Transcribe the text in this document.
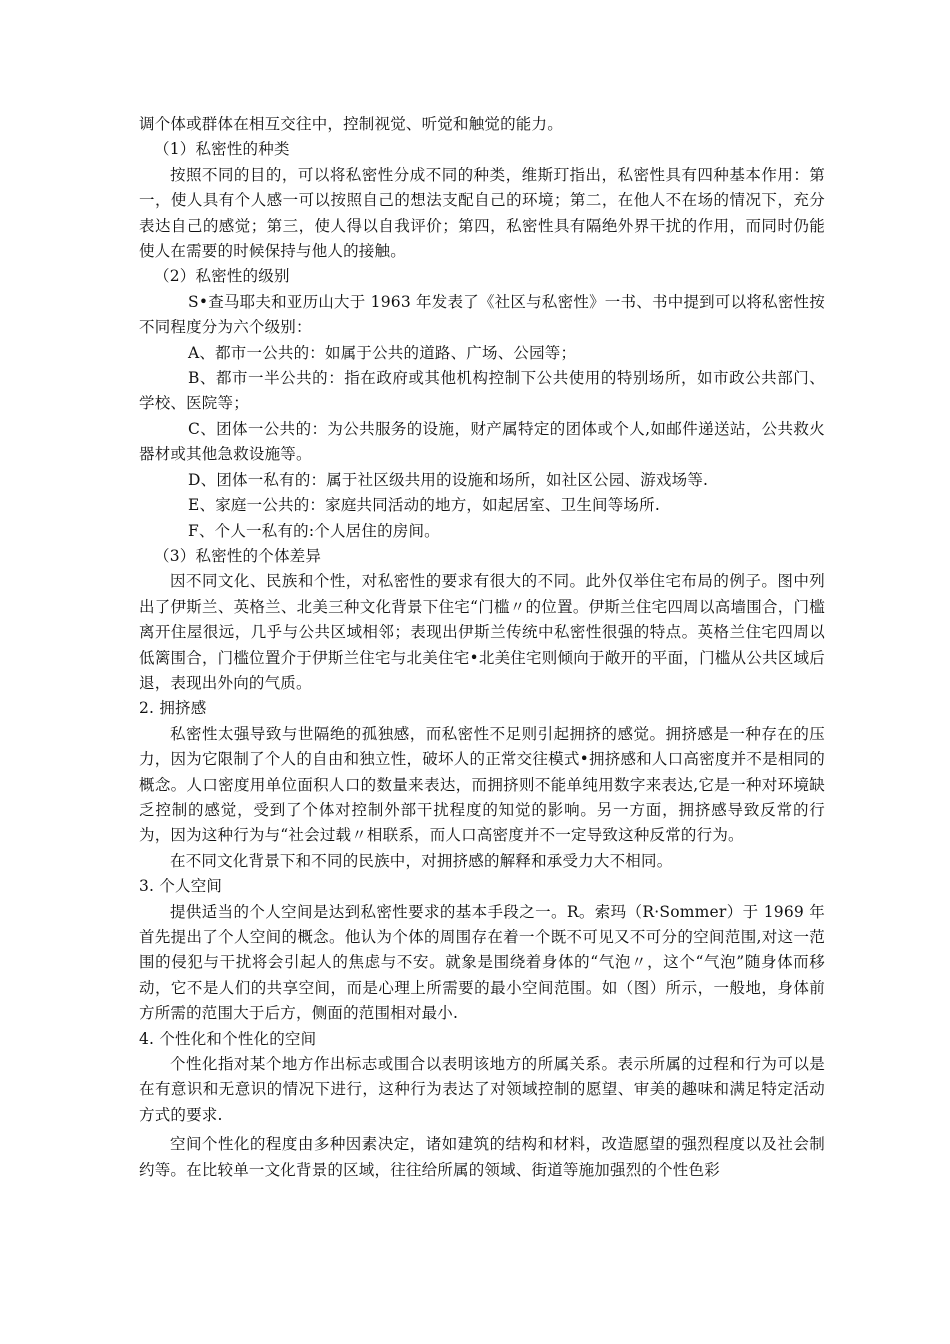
调个体或群体在相互交往中，控制视觉、听觉和触觉的能力。

（1）私密性的种类

按照不同的目的，可以将私密性分成不同的种类，维斯玎指出，私密性具有四种基本作用：第一，使人具有个人感一可以按照自己的想法支配自己的环境；第二，在他人不在场的情况下，充分表达自己的感觉；第三，使人得以自我评价；第四，私密性具有隔绝外界干扰的作用，而同时仍能使人在需要的时候保持与他人的接触。

（2）私密性的级别

S•查马耶夫和亚历山大于 1963 年发表了《社区与私密性》一书、书中提到可以将私密性按不同程度分为六个级别：

A、都市一公共的：如属于公共的道路、广场、公园等；

B、都市一半公共的：指在政府或其他机构控制下公共使用的特别场所，如市政公共部门、学校、医院等；

C、团体一公共的：为公共服务的设施，财产属特定的团体或个人,如邮件递送站，公共救火器材或其他急救设施等。

D、团体一私有的：属于社区级共用的设施和场所，如社区公园、游戏场等.

E、家庭一公共的：家庭共同活动的地方，如起居室、卫生间等场所.

F、个人一私有的:个人居住的房间。

（3）私密性的个体差异

因不同文化、民族和个性，对私密性的要求有很大的不同。此外仅举住宅布局的例子。图中列出了伊斯兰、英格兰、北美三种文化背景下住宅“门槛〃的位置。伊斯兰住宅四周以高墙围合，门槛离开住屋很远，几乎与公共区域相邻；表现出伊斯兰传统中私密性很强的特点。英格兰住宅四周以低篱围合，门槛位置介于伊斯兰住宅与北美住宅•北美住宅则倾向于敞开的平面，门槛从公共区域后退，表现出外向的气质。

2. 拥挤感

私密性太强导致与世隔绝的孤独感，而私密性不足则引起拥挤的感觉。拥挤感是一种存在的压力，因为它限制了个人的自由和独立性，破坏人的正常交往模式•拥挤感和人口高密度并不是相同的概念。人口密度用单位面积人口的数量来表达，而拥挤则不能单纯用数字来表达,它是一种对环境缺乏控制的感觉，受到了个体对控制外部干扰程度的知觉的影响。另一方面，拥挤感导致反常的行为，因为这种行为与“社会过载〃相联系，而人口高密度并不一定导致这种反常的行为。

在不同文化背景下和不同的民族中，对拥挤感的解释和承受力大不相同。

3. 个人空间

提供适当的个人空间是达到私密性要求的基本手段之一。R。索玛（R·Sommer）于 1969 年首先提出了个人空间的概念。他认为个体的周围存在着一个既不可见又不可分的空间范围,对这一范围的侵犯与干扰将会引起人的焦虑与不安。就象是围绕着身体的“气泡〃，这个“气泡”随身体而移动，它不是人们的共享空间，而是心理上所需要的最小空间范围。如（图）所示，一般地，身体前方所需的范围大于后方，侧面的范围相对最小.

4. 个性化和个性化的空间

个性化指对某个地方作出标志或围合以表明该地方的所属关系。表示所属的过程和行为可以是在有意识和无意识的情况下进行，这种行为表达了对领域控制的愿望、审美的趣味和满足特定活动方式的要求.

空间个性化的程度由多种因素决定，诸如建筑的结构和材料，改造愿望的强烈程度以及社会制约等。在比较单一文化背景的区域，往往给所属的领域、街道等施加强烈的个性色彩
